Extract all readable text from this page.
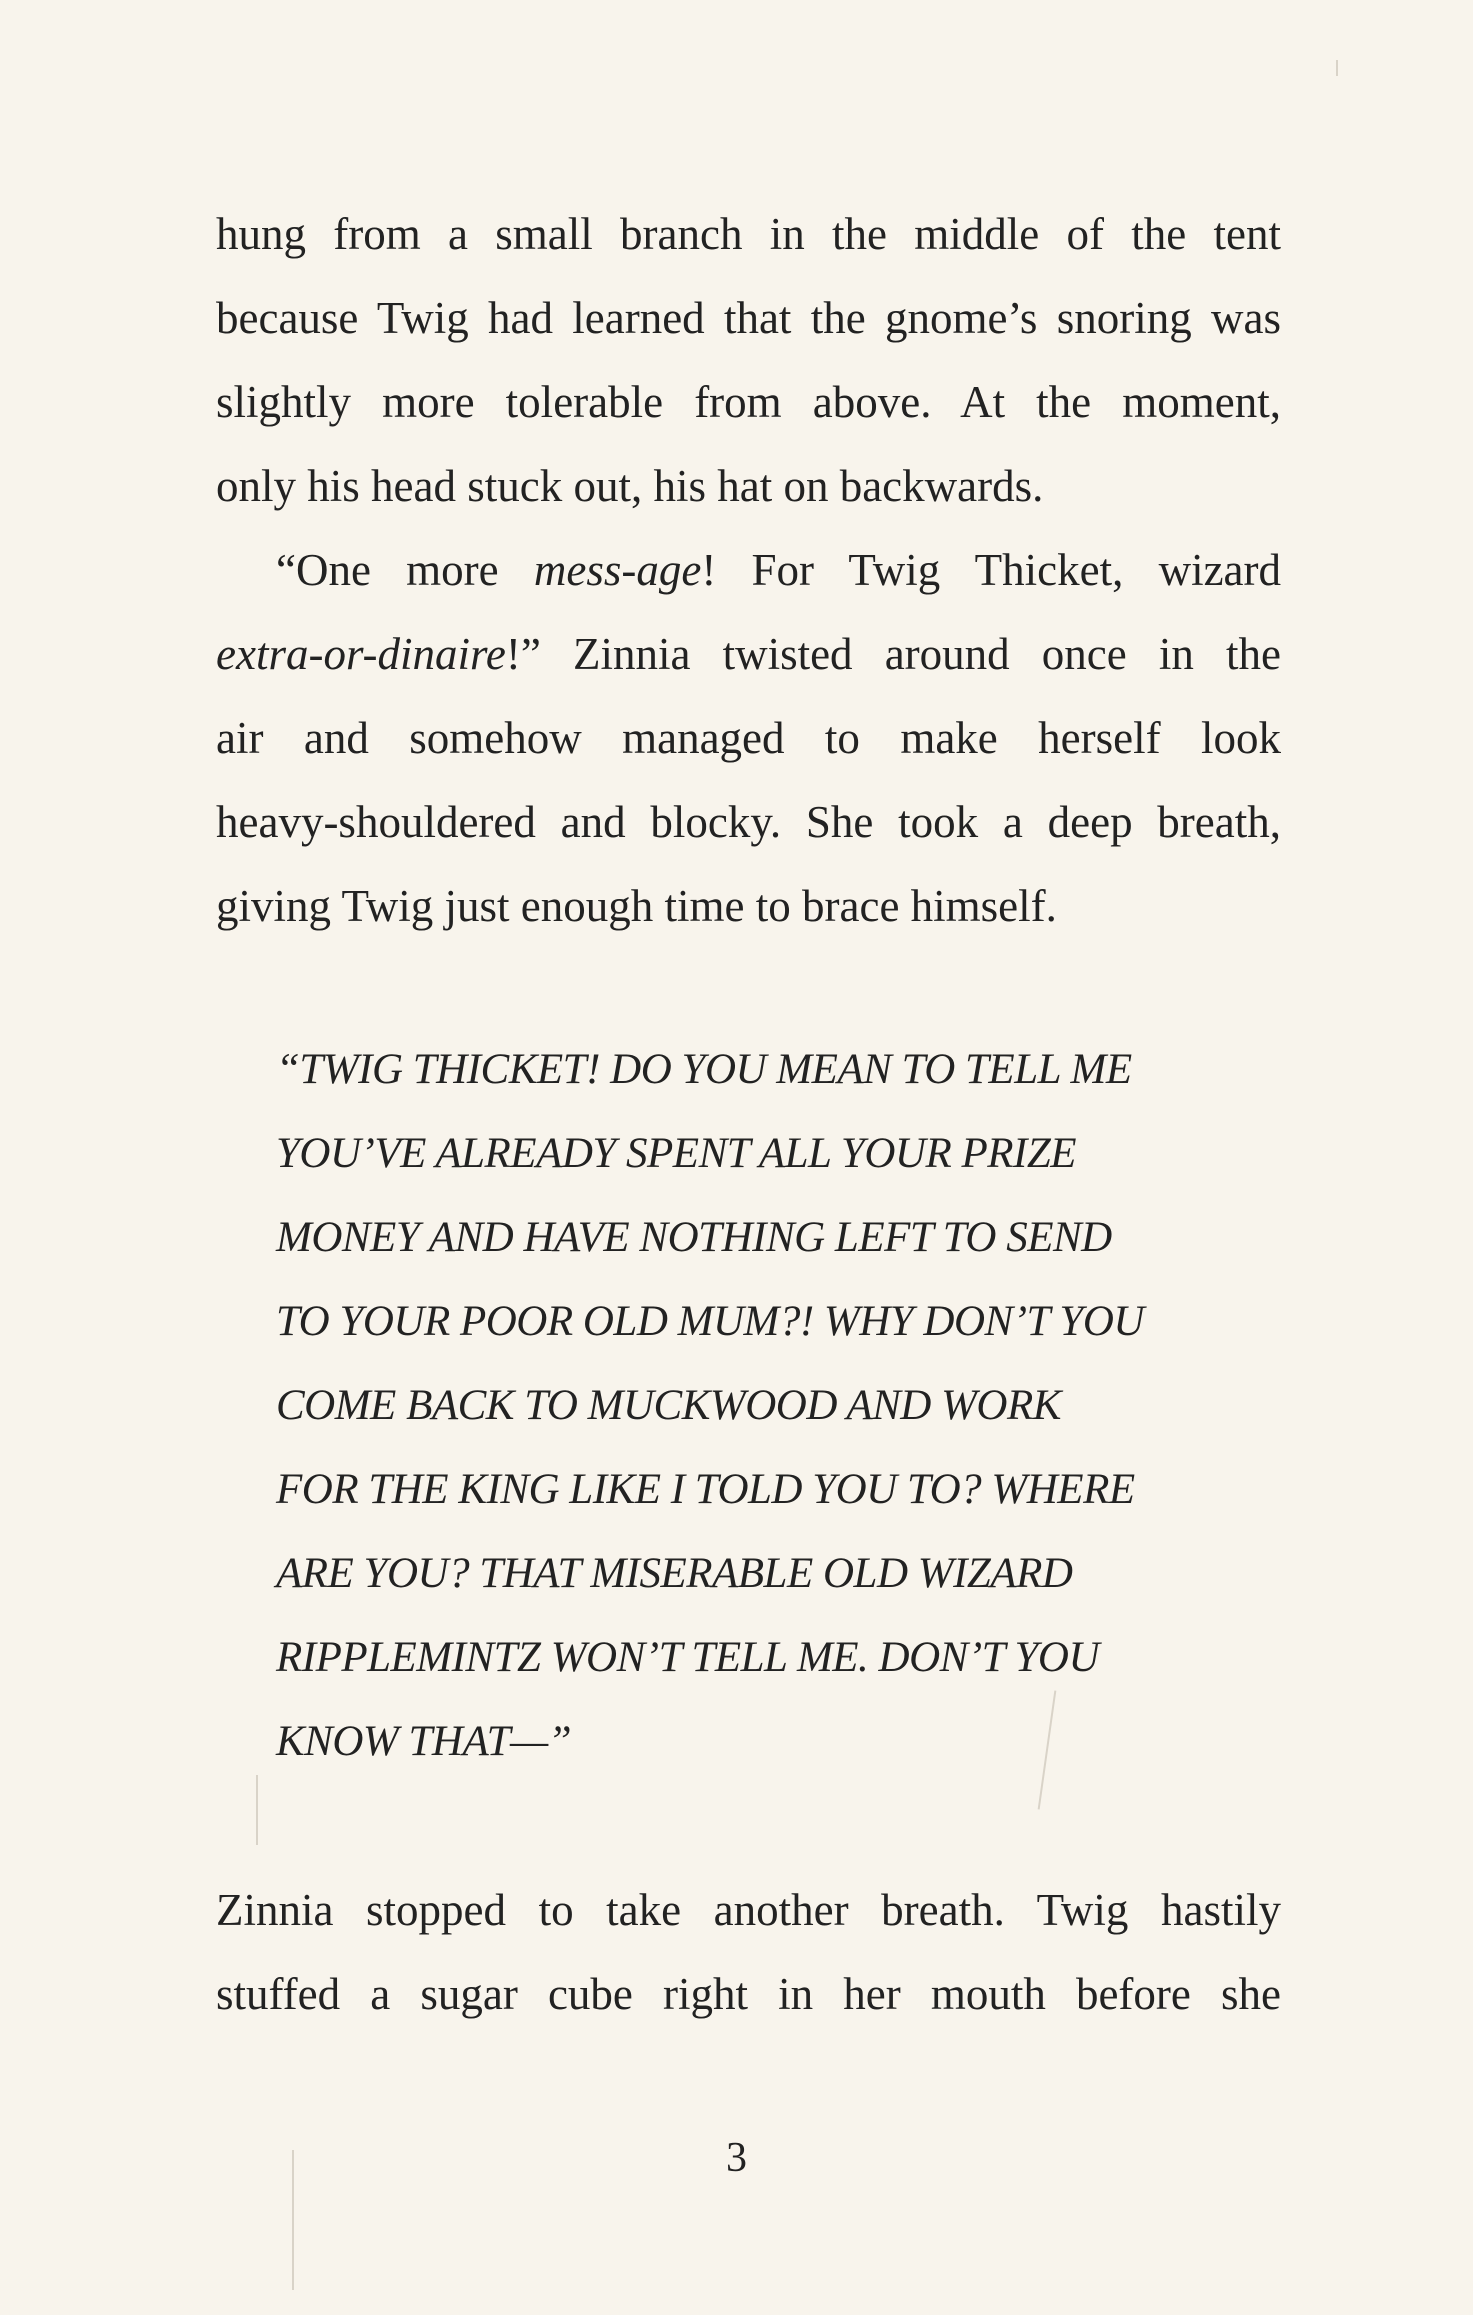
hung from a small branch in the middle of the tent
because Twig had learned that the gnome’s snoring was
slightly more tolerable from above. At the moment,
only his head stuck out, his hat on backwards.
“One more mess-age! For Twig Thicket, wizard
extra-or-dinaire!” Zinnia twisted around once in the
air and somehow managed to make herself look
heavy-shouldered and blocky. She took a deep breath,
giving Twig just enough time to brace himself.
“TWIG THICKET! DO YOU MEAN TO TELL ME
YOU’VE ALREADY SPENT ALL YOUR PRIZE
MONEY AND HAVE NOTHING LEFT TO SEND
TO YOUR POOR OLD MUM?! WHY DON’T YOU
COME BACK TO MUCKWOOD AND WORK
FOR THE KING LIKE I TOLD YOU TO? WHERE
ARE YOU? THAT MISERABLE OLD WIZARD
RIPPLEMINTZ WON’T TELL ME. DON’T YOU
KNOW THAT—”
Zinnia stopped to take another breath. Twig hastily
stuffed a sugar cube right in her mouth before she
3
